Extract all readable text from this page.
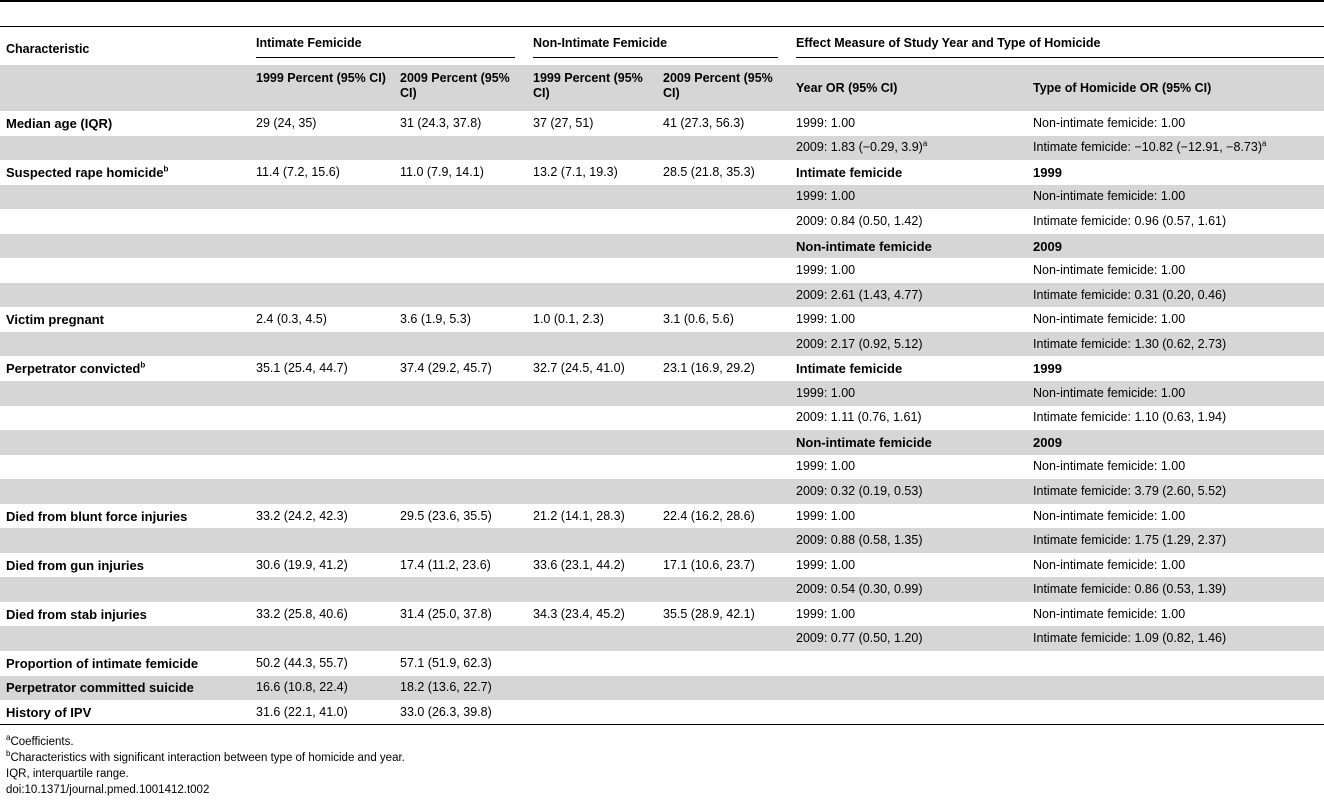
Characteristic	Intimate Femicide		Non-Intimate Femicide		Effect Measure of Study Year and Type of Homicide	

	1999 Percent (95% CI)	2009 Percent (95% CI)	1999 Percent (95% CI)	2009 Percent (95% CI)	Year OR (95% CI)	Type of Homicide OR (95% CI)
Median age (IQR)	29 (24, 35)	31 (24.3, 37.8)	37 (27, 51)	41 (27.3, 56.3)	1999: 1.00	Non-intimate femicide: 1.00
					2009: 1.83 (−0.29, 3.9)$^a$	Intimate femicide: −10.82 (−12.91, −8.73)$^a$
Suspected rape homicide$^b$	11.4 (7.2, 15.6)	11.0 (7.9, 14.1)	13.2 (7.1, 19.3)	28.5 (21.8, 35.3)	Intimate femicide	1999
					1999: 1.00	Non-intimate femicide: 1.00
					2009: 0.84 (0.50, 1.42)	Intimate femicide: 0.96 (0.57, 1.61)
					Non-intimate femicide	2009
					1999: 1.00	Non-intimate femicide: 1.00
					2009: 2.61 (1.43, 4.77)	Intimate femicide: 0.31 (0.20, 0.46)
Victim pregnant	2.4 (0.3, 4.5)	3.6 (1.9, 5.3)	1.0 (0.1, 2.3)	3.1 (0.6, 5.6)	1999: 1.00	Non-intimate femicide: 1.00
					2009: 2.17 (0.92, 5.12)	Intimate femicide: 1.30 (0.62, 2.73)
Perpetrator convicted$^b$	35.1 (25.4, 44.7)	37.4 (29.2, 45.7)	32.7 (24.5, 41.0)	23.1 (16.9, 29.2)	Intimate femicide	1999
					1999: 1.00	Non-intimate femicide: 1.00
					2009: 1.11 (0.76, 1.61)	Intimate femicide: 1.10 (0.63, 1.94)
					Non-intimate femicide	2009
					1999: 1.00	Non-intimate femicide: 1.00
					2009: 0.32 (0.19, 0.53)	Intimate femicide: 3.79 (2.60, 5.52)
Died from blunt force injuries	33.2 (24.2, 42.3)	29.5 (23.6, 35.5)	21.2 (14.1, 28.3)	22.4 (16.2, 28.6)	1999: 1.00	Non-intimate femicide: 1.00
					2009: 0.88 (0.58, 1.35)	Intimate femicide: 1.75 (1.29, 2.37)
Died from gun injuries	30.6 (19.9, 41.2)	17.4 (11.2, 23.6)	33.6 (23.1, 44.2)	17.1 (10.6, 23.7)	1999: 1.00	Non-intimate femicide: 1.00
					2009: 0.54 (0.30, 0.99)	Intimate femicide: 0.86 (0.53, 1.39)
Died from stab injuries	33.2 (25.8, 40.6)	31.4 (25.0, 37.8)	34.3 (23.4, 45.2)	35.5 (28.9, 42.1)	1999: 1.00	Non-intimate femicide: 1.00
					2009: 0.77 (0.50, 1.20)	Intimate femicide: 1.09 (0.82, 1.46)
Proportion of intimate femicide	50.2 (44.3, 55.7)	57.1 (51.9, 62.3)				
Perpetrator committed suicide	16.6 (10.8, 22.4)	18.2 (13.6, 22.7)				
History of IPV	31.6 (22.1, 41.0)	33.0 (26.3, 39.8)				
$^a$Coefficients.
$^b$Characteristics with significant interaction between type of homicide and year.
IQR, interquartile range.
doi:10.1371/journal.pmed.1001412.t002
